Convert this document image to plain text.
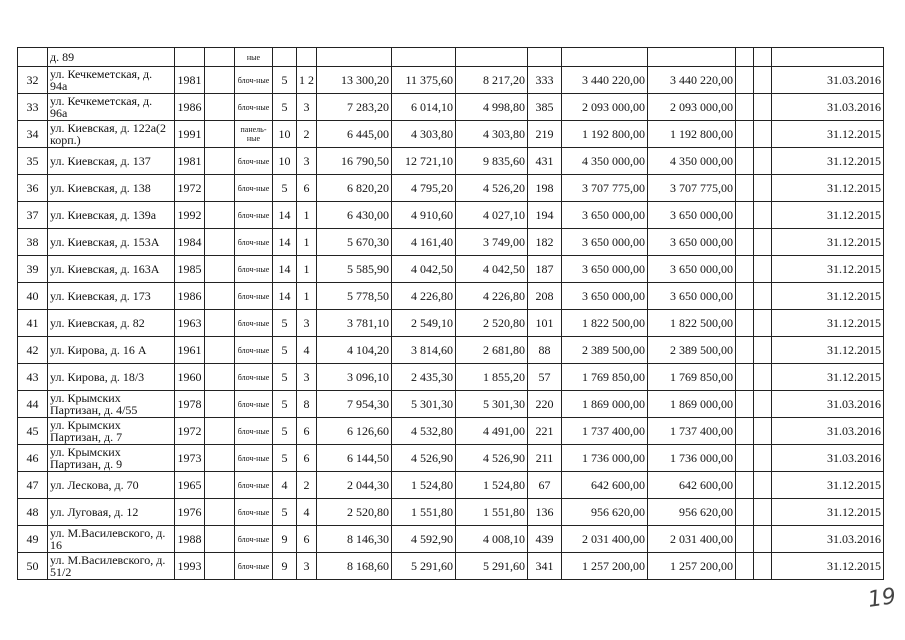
	д. 89			ные											
32	ул. Кечкеметская, д. 94а	1981		блоч-ные	5	1 2	13 300,20	11 375,60	8 217,20	333	3 440 220,00	3 440 220,00			31.03.2016
33	ул. Кечкеметская, д. 96а	1986		блоч-ные	5	3	7 283,20	6 014,10	4 998,80	385	2 093 000,00	2 093 000,00			31.03.2016
34	ул. Киевская, д. 122а(2 корп.)	1991		панель-ные	10	2	6 445,00	4 303,80	4 303,80	219	1 192 800,00	1 192 800,00			31.12.2015
35	ул. Киевская, д. 137	1981		блоч-ные	10	3	16 790,50	12 721,10	9 835,60	431	4 350 000,00	4 350 000,00			31.12.2015
36	ул. Киевская, д. 138	1972		блоч-ные	5	6	6 820,20	4 795,20	4 526,20	198	3 707 775,00	3 707 775,00			31.12.2015
37	ул. Киевская, д. 139а	1992		блоч-ные	14	1	6 430,00	4 910,60	4 027,10	194	3 650 000,00	3 650 000,00			31.12.2015
38	ул. Киевская, д. 153А	1984		блоч-ные	14	1	5 670,30	4 161,40	3 749,00	182	3 650 000,00	3 650 000,00			31.12.2015
39	ул. Киевская, д. 163А	1985		блоч-ные	14	1	5 585,90	4 042,50	4 042,50	187	3 650 000,00	3 650 000,00			31.12.2015
40	ул. Киевская, д. 173	1986		блоч-ные	14	1	5 778,50	4 226,80	4 226,80	208	3 650 000,00	3 650 000,00			31.12.2015
41	ул. Киевская, д. 82	1963		блоч-ные	5	3	3 781,10	2 549,10	2 520,80	101	1 822 500,00	1 822 500,00			31.12.2015
42	ул. Кирова, д. 16 А	1961		блоч-ные	5	4	4 104,20	3 814,60	2 681,80	88	2 389 500,00	2 389 500,00			31.12.2015
43	ул. Кирова, д. 18/3	1960		блоч-ные	5	3	3 096,10	2 435,30	1 855,20	57	1 769 850,00	1 769 850,00			31.12.2015
44	ул. Крымских Партизан, д. 4/55	1978		блоч-ные	5	8	7 954,30	5 301,30	5 301,30	220	1 869 000,00	1 869 000,00			31.03.2016
45	ул. Крымских Партизан, д. 7	1972		блоч-ные	5	6	6 126,60	4 532,80	4 491,00	221	1 737 400,00	1 737 400,00			31.03.2016
46	ул. Крымских Партизан, д. 9	1973		блоч-ные	5	6	6 144,50	4 526,90	4 526,90	211	1 736 000,00	1 736 000,00			31.03.2016
47	ул. Лескова, д. 70	1965		блоч-ные	4	2	2 044,30	1 524,80	1 524,80	67	642 600,00	642 600,00			31.12.2015
48	ул. Луговая, д. 12	1976		блоч-ные	5	4	2 520,80	1 551,80	1 551,80	136	956 620,00	956 620,00			31.12.2015
49	ул. М.Василевского, д. 16	1988		блоч-ные	9	6	8 146,30	4 592,90	4 008,10	439	2 031 400,00	2 031 400,00			31.03.2016
50	ул. М.Василевского, д. 51/2	1993		блоч-ные	9	3	8 168,60	5 291,60	5 291,60	341	1 257 200,00	1 257 200,00			31.12.2015
19
